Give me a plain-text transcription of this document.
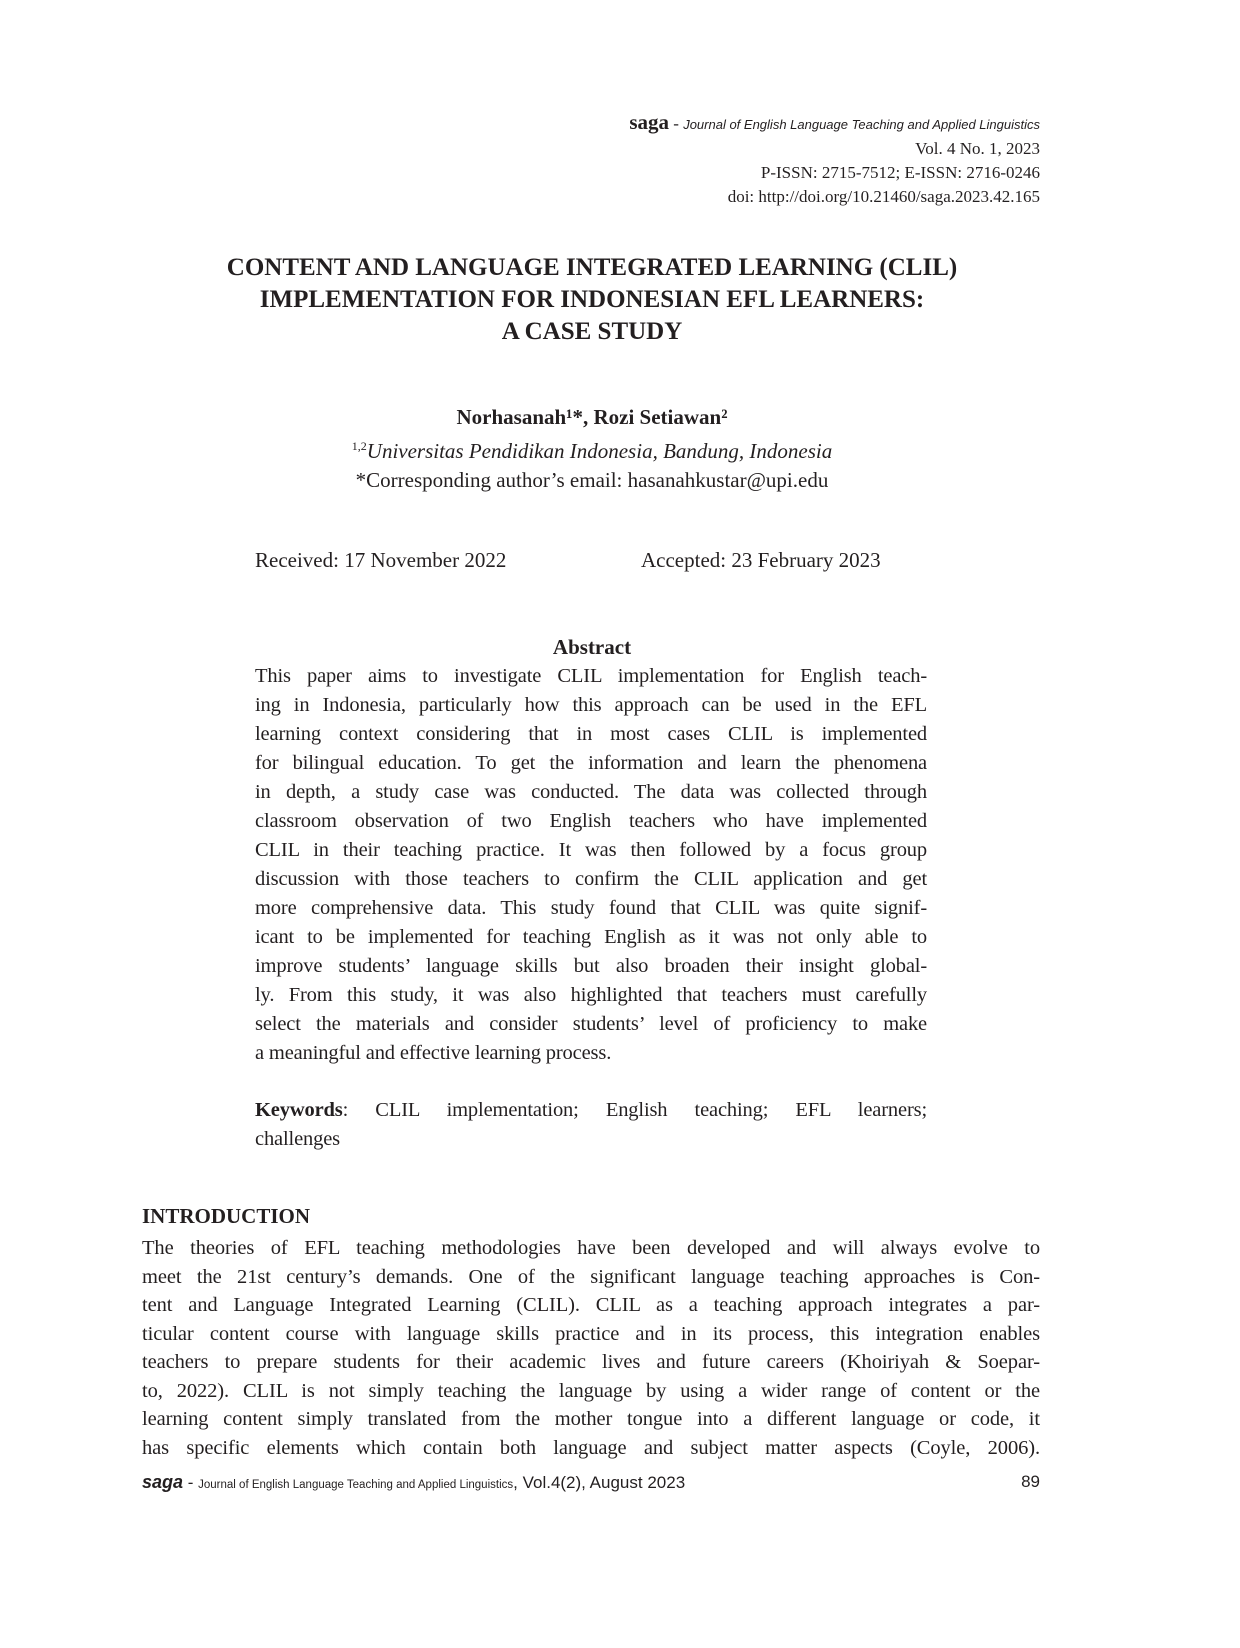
saga - Journal of English Language Teaching and Applied Linguistics
Vol. 4 No. 1, 2023
P-ISSN: 2715-7512; E-ISSN: 2716-0246
doi: http://doi.org/10.21460/saga.2023.42.165
CONTENT AND LANGUAGE INTEGRATED LEARNING (CLIL)
IMPLEMENTATION FOR INDONESIAN EFL LEARNERS:
A CASE STUDY
Norhasanah¹*, Rozi Setiawan²
$^{1,2}$Universitas Pendidikan Indonesia, Bandung, Indonesia
*Corresponding author’s email: hasanahkustar@upi.edu
Received: 17 November 2022	Accepted: 23 February 2023
Abstract
This paper aims to investigate CLIL implementation for English teach-
ing in Indonesia, particularly how this approach can be used in the EFL
learning context considering that in most cases CLIL is implemented
for bilingual education. To get the information and learn the phenomena
in depth, a study case was conducted. The data was collected through
classroom observation of two English teachers who have implemented
CLIL in their teaching practice. It was then followed by a focus group
discussion with those teachers to confirm the CLIL application and get
more comprehensive data. This study found that CLIL was quite signif-
icant to be implemented for teaching English as it was not only able to
improve students’ language skills but also broaden their insight global-
ly. From this study, it was also highlighted that teachers must carefully
select the materials and consider students’ level of proficiency to make
a meaningful and effective learning process.
Keywords: CLIL implementation; English teaching; EFL learners;
challenges
INTRODUCTION
The theories of EFL teaching methodologies have been developed and will always evolve to
meet the 21st century’s demands. One of the significant language teaching approaches is Con-
tent and Language Integrated Learning (CLIL). CLIL as a teaching approach integrates a par-
ticular content course with language skills practice and in its process, this integration enables
teachers to prepare students for their academic lives and future careers (Khoiriyah & Soepar-
to, 2022). CLIL is not simply teaching the language by using a wider range of content or the
learning content simply translated from the mother tongue into a different language or code, it
has specific elements which contain both language and subject matter aspects (Coyle, 2006).
saga - Journal of English Language Teaching and Applied Linguistics, Vol.4(2), August 2023	89
